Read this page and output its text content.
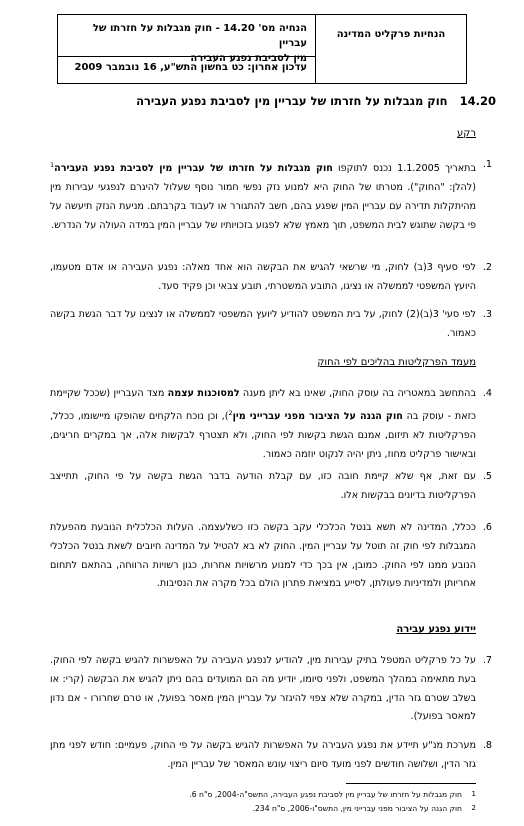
הנחיות פרקליט המדינה
הנחיה מס' 14.20 - חוק מגבלות על חזרתו של עבריין
מין לסביבת נפגע העבירה
עדכון אחרון: כט בחשון התש"ע, 16 נובמבר 2009
14.20 חוק מגבלות על חזרתו של עבריין מין לסביבת נפגע העבירה
רקע
1.
בתאריך 1.1.2005 נכנס לתוקפו חוק מגבלות על חזרתו של עבריין מין לסביבת נפגע העבירה$^1$ (להלן: "החוק"). מטרתו של החוק היא למנוע נזק נפשי חמור נוסף שעלול להיגרם לנפגעי עבירות מין מהיתקלות תדירה עם עבריין המין שפגע בהם, חשב להתגורר או לעבוד בקרבתם. מניעת הנזק תיעשה על פי בקשה שתוגש לבית המשפט, תוך מאמץ שלא לפגוע בזכויותיו של עבריין המין במידה העולה על הנדרש.
2.
לפי סעיף 3(ב) לחוק, מי שרשאי להגיש את הבקשה הוא אחד מאלה: נפגע העבירה או אדם מטעמו, היועץ המשפטי לממשלה או נציגו, התובע המשטרתי, תובע צבאי וכן פקיד סעד.
3.
לפי סעי' 3(ב)(2) לחוק, על בית המשפט להודיע ליועץ המשפטי לממשלה או לנציגו על דבר הגשת בקשה כאמור.
מעמד הפרקליטות בהליכים לפי החוק
4.
בהתחשב במאטריה בה עוסק החוק, שאינו בא ליתן מענה למסוכנות עצמה מצד העבריין (שככל שקיימת כזאת - עוסק בה חוק הגנה על הציבור מפני עברייני מין$^2$), וכן נוכח הלקחים שהופקו מיישומו, ככלל, הפרקליטות לא תיזום, אמנם הגשת בקשות לפי החוק, ולא תצטרף לבקשות אלה, אך במקרים חריגים, ובאישור פרקליט מחוז, ניתן יהיה לנקוט יוזמה כאמור.
5.
עם זאת, אף שלא קיימת חובה כזו, עם קבלת הודעה בדבר הגשת בקשה על פי החוק, תתייצב הפרקליטות בדיונים בבקשות אלו.
6.
ככלל, המדינה לא תשא בנטל הכלכלי עקב בקשה כזו כשלעצמה. העלות הכלכלית הנובעת מהפעלת המגבלות לפי חוק זה תוטל על עבריין המין. החוק לא בא להטיל על המדינה חיובים לשאת בנטל הכלכלי הנובע ממנו לפי החוק. כמובן, אין בכך כדי למנוע מרשויות אחרות, כגון רשויות הרווחה, בהתאם לתחום אחריותן ולמדיניות פעולתן, לסייע במציאת פתרון הולם בכל מקרה את הנסיבות.
יידוע נפגע עבירה
7.
על כל פרקליט המטפל בתיק עבירות מין, להודיע לנפגע העבירה על האפשרות להגיש בקשה לפי החוק. בעת מתאימה במהלך המשפט, ולפני סיומו, יודיע מה הם המועדים בהם ניתן להגיש את הבקשה (קרי: או בשלב שטרם גזר הדין, במקרה שלא צפוי להיגזר על עבריין המין מאסר בפועל, או טרם שחרורו - אם נדון למאסר בפועל).
8.
מערכת מנ"ע תיידע את נפגע העבירה על האפשרות להגיש בקשה על פי החוק, פעמיים: חודש לפני מתן גזר הדין, ושלושה חודשים לפני מועד סיום ריצוי עונש המאסר של עבריין המין.
1חוק מגבלות על חזרתו של עבריין מין לסביבת נפגע העבירה, התשס"ה-2004, ס"ח 6.
2חוק הגנה על הציבור מפני עברייני מין, התשס"ו-2006, ס"ח 234.
